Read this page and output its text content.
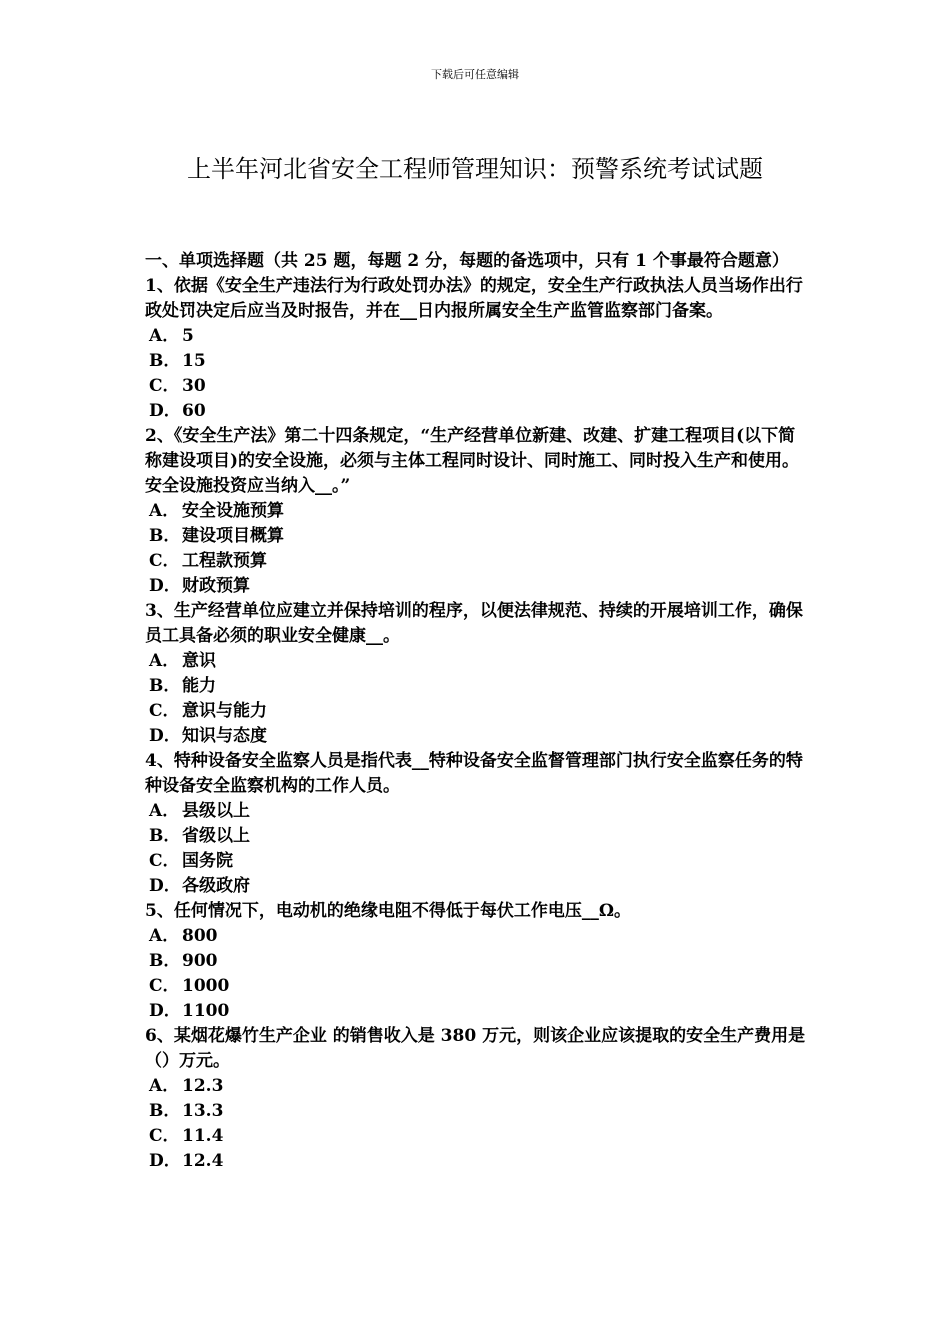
下载后可任意编辑
上半年河北省安全工程师管理知识：预警系统考试试题

一、单项选择题（共 25 题，每题 2 分，每题的备选项中，只有 1 个事最符合题意）

1、依据《安全生产违法行为行政处罚办法》的规定，安全生产行政执法人员当场作出行政处罚决定后应当及时报告，并在__日内报所属安全生产监管监察部门备案。

A． 5
B．15
C． 30
D．60

2、《安全生产法》第二十四条规定，“生产经营单位新建、改建、扩建工程项目(以下简称建设项目)的安全设施，必须与主体工程同时设计、同时施工、同时投入生产和使用。安全设施投资应当纳入__。”

A． 安全设施预算
B．建设项目概算
C． 工程款预算
D．财政预算

3、生产经营单位应建立并保持培训的程序，以便法律规范、持续的开展培训工作，确保员工具备必须的职业安全健康__。

A． 意识
B．能力
C． 意识与能力
D．知识与态度

4、特种设备安全监察人员是指代表__特种设备安全监督管理部门执行安全监察任务的特种设备安全监察机构的工作人员。

A． 县级以上
B．省级以上
C． 国务院
D．各级政府

5、任何情况下，电动机的绝缘电阻不得低于每伏工作电压__Ω。

A． 800
B．900
C． 1000
D．1100

6、某烟花爆竹生产企业 的销售收入是 380 万元，则该企业应该提取的安全生产费用是（）万元。

A． 12.3
B．13.3
C． 11.4
D．12.4
